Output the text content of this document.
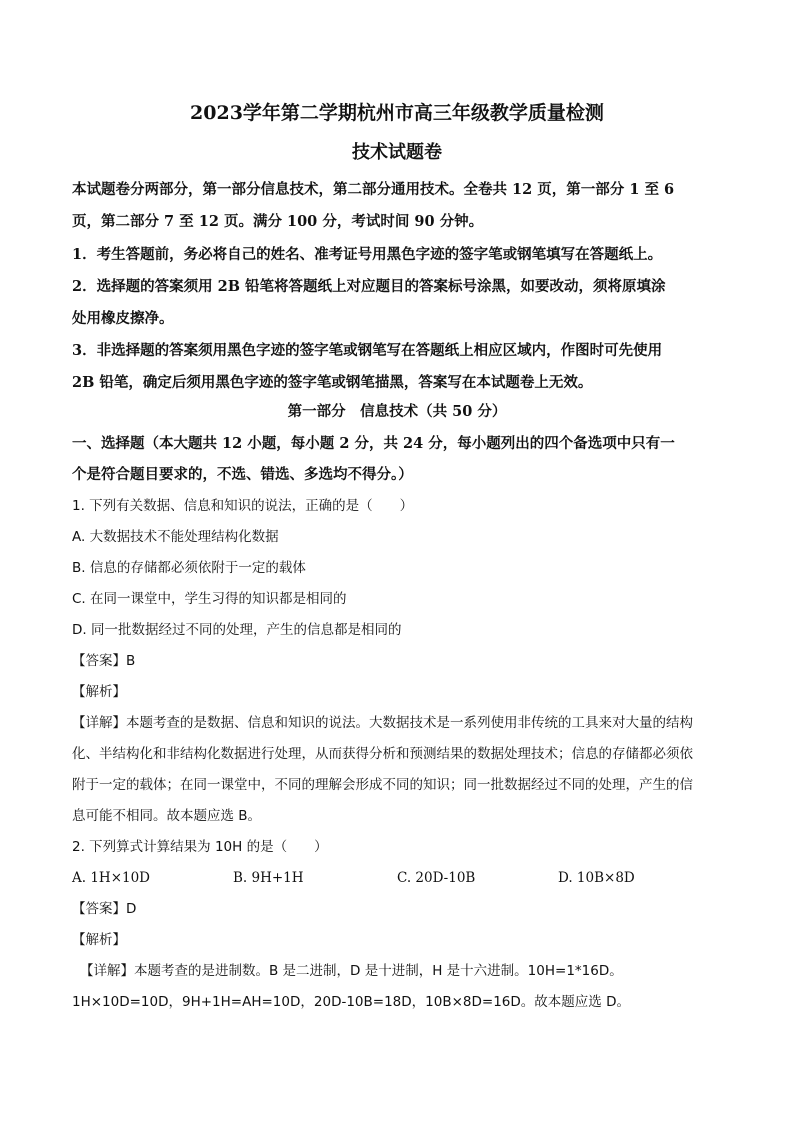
2023学年第二学期杭州市高三年级教学质量检测
技术试题卷
本试题卷分两部分，第一部分信息技术，第二部分通用技术。全卷共 12 页，第一部分 1 至 6
页，第二部分 7 至 12 页。满分 100 分，考试时间 90 分钟。
1．考生答题前，务必将自己的姓名、准考证号用黑色字迹的签字笔或钢笔填写在答题纸上。
2．选择题的答案须用 2B 铅笔将答题纸上对应题目的答案标号涂黑，如要改动，须将原填涂
处用橡皮擦净。
3．非选择题的答案须用黑色字迹的签字笔或钢笔写在答题纸上相应区域内，作图时可先使用
2B 铅笔，确定后须用黑色字迹的签字笔或钢笔描黑，答案写在本试题卷上无效。
第一部分　信息技术（共 50 分）
一、选择题（本大题共 12 小题，每小题 2 分，共 24 分，每小题列出的四个备选项中只有一
个是符合题目要求的，不选、错选、多选均不得分。）
1. 下列有关数据、信息和知识的说法，正确的是（　　）
A. 大数据技术不能处理结构化数据
B. 信息的存储都必须依附于一定的载体
C. 在同一课堂中，学生习得的知识都是相同的
D. 同一批数据经过不同的处理，产生的信息都是相同的
【答案】B
【解析】
【详解】本题考查的是数据、信息和知识的说法。大数据技术是一系列使用非传统的工具来对大量的结构
化、半结构化和非结构化数据进行处理，从而获得分析和预测结果的数据处理技术；信息的存储都必须依
附于一定的载体；在同一课堂中，不同的理解会形成不同的知识；同一批数据经过不同的处理，产生的信
息可能不相同。故本题应选 B。
2. 下列算式计算结果为 10H 的是（　　）
A. 1H×10D	B. 9H+1H	C. 20D-10B	D. 10B×8D
【答案】D
【解析】
【详解】本题考查的是进制数。B 是二进制，D 是十进制，H 是十六进制。10H=1*16D。
1H×10D=10D，9H+1H=AH=10D，20D-10B=18D，10B×8D=16D。故本题应选 D。
